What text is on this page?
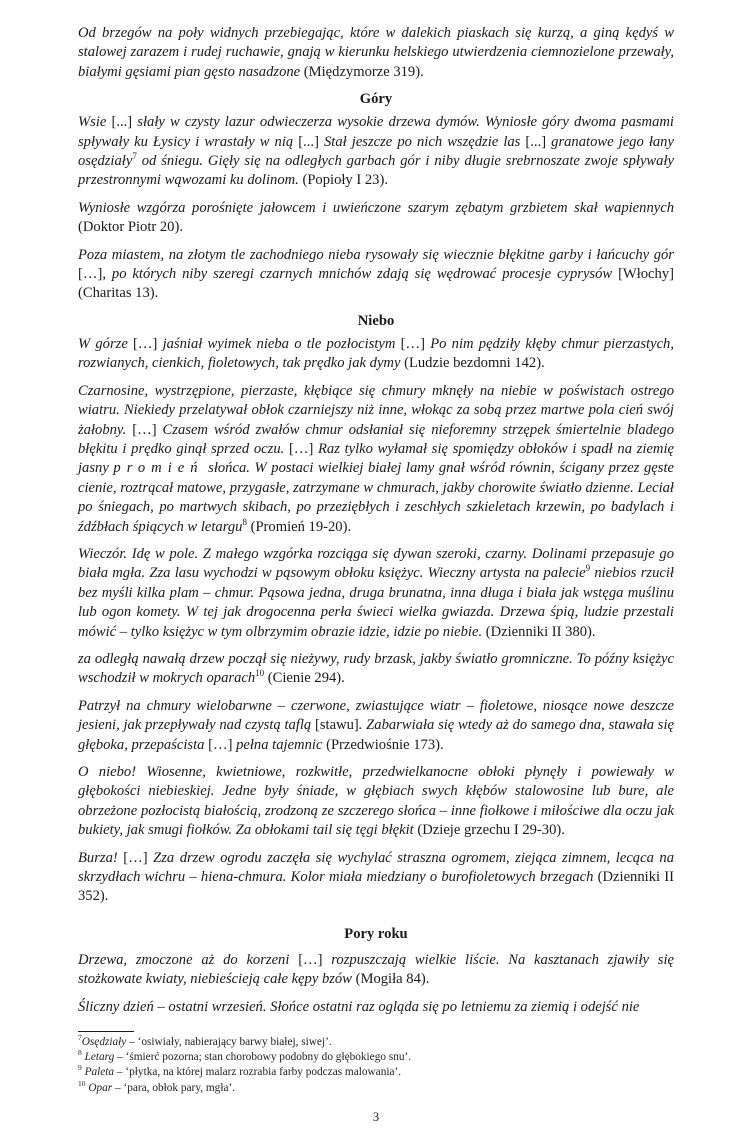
Od brzegów na poły widnych przebiegając, które w dalekich piaskach się kurzą, a giną kędyś w stalowej zarazem i rudej ruchawie, gnają w kierunku helskiego utwierdzenia ciemnozielone przewały, białymi gęsiami pian gęsto nasadzone (Międzymorze 319).

Góry

Wsie [...] słały w czysty lazur odwieczerza wysokie drzewa dymów. Wyniosłe góry dwoma pasmami spływały ku Łysicy i wrastały w nią [...] Stał jeszcze po nich wszędzie las [...] granatowe jego łany osędziały$^7$ od śniegu. Gięły się na odległych garbach gór i niby długie srebrnoszate zwoje spływały przestronnymi wąwozami ku dolinom. (Popioły I 23).

Wyniosłe wzgórza porośnięte jałowcem i uwieńczone szarym zębatym grzbietem skał wapiennych (Doktor Piotr 20).

Poza miastem, na złotym tle zachodniego nieba rysowały się wiecznie błękitne garby i łańcuchy gór […], po których niby szeregi czarnych mnichów zdają się wędrować procesje cyprysów [Włochy] (Charitas 13).

Niebo

W górze […] jaśniał wyimek nieba o tle pozłocistym […] Po nim pędziły kłęby chmur pierzastych, rozwianych, cienkich, fioletowych, tak prędko jak dymy (Ludzie bezdomni 142).

Czarnosine, wystrzępione, pierzaste, kłębiące się chmury mknęły na niebie w poświstach ostrego wiatru. Niekiedy przelatywał obłok czarniejszy niż inne, włokąc za sobą przez martwe pola cień swój żałobny. […] Czasem wśród zwałów chmur odsłaniał się nieforemny strzępek śmiertelnie bladego błękitu i prędko ginął sprzed oczu. […] Raz tylko wyłamał się spomiędzy obłoków i spadł na ziemię jasny promień słońca. W postaci wielkiej białej lamy gnał wśród równin, ścigany przez gęste cienie, roztrącał matowe, przygasłe, zatrzymane w chmurach, jakby chorowite światło dzienne. Leciał po śniegach, po martwych skibach, po przeziębłych i zeschłych szkieletach krzewin, po badylach i źdźbłach śpiących w letargu$^8$ (Promień 19-20).

Wieczór. Idę w pole. Z małego wzgórka rozciąga się dywan szeroki, czarny. Dolinami przepasuje go biała mgła. Zza lasu wychodzi w pąsowym obłoku księżyc. Wieczny artysta na palecie$^9$ niebios rzucił bez myśli kilka plam – chmur. Pąsowa jedna, druga brunatna, inna długa i biała jak wstęga muślinu lub ogon komety. W tej jak drogocenna perła świeci wielka gwiazda. Drzewa śpią, ludzie przestali mówić – tylko księżyc w tym olbrzymim obrazie idzie, idzie po niebie. (Dzienniki II 380).

za odległą nawałą drzew począł się nieżywy, rudy brzask, jakby światło gromniczne. To późny księżyc wschodził w mokrych oparach$^{10}$ (Cienie 294).

Patrzył na chmury wielobarwne – czerwone, zwiastujące wiatr – fioletowe, niosące nowe deszcze jesieni, jak przepływały nad czystą taflą [stawu]. Zabarwiała się wtedy aż do samego dna, stawała się głęboka, przepaścista […] pełna tajemnic (Przedwiośnie 173).

O niebo! Wiosenne, kwietniowe, rozkwitłe, przedwielkanocne obłoki płynęły i powiewały w głębokości niebieskiej. Jedne były śniade, w głębiach swych kłębów stalowosine lub bure, ale obrzeżone pozłocistą białością, zrodzoną ze szczerego słońca – inne fiołkowe i miłościwe dla oczu jak bukiety, jak smugi fiołków. Za obłokami tail się tęgi błękit (Dzieje grzechu I 29-30).

Burza! […] Zza drzew ogrodu zaczęła się wychylać straszna ogromem, ziejąca zimnem, lecąca na skrzydłach wichru – hiena-chmura. Kolor miała miedziany o burofioletowych brzegach (Dzienniki II 352).

Pory roku

Drzewa, zmoczone aż do korzeni […] rozpuszczają wielkie liście. Na kasztanach zjawiły się stożkowate kwiaty, niebieścieją całe kępy bzów (Mogiła 84).

Śliczny dzień – ostatni wrzesień. Słońce ostatni raz ogląda się po letniemu za ziemią i odejść nie

$^7$Osędziały – ‘osiwiały, nabierający barwy białej, siwej’.
$^8$ Letarg – ‘śmierć pozorna; stan chorobowy podobny do głębokiego snu’.
$^9$ Paleta – ‘płytka, na której malarz rozrabia farby podczas malowania’.
$^{10}$ Opar – ‘para, obłok pary, mgła’.
3
